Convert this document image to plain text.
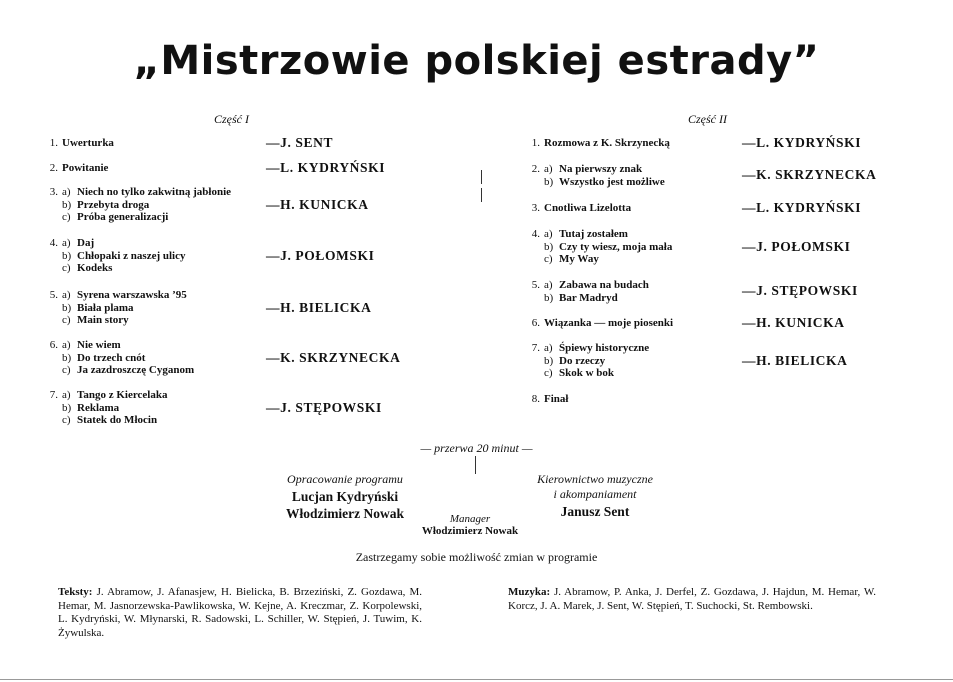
„Mistrzowie polskiej estrady”
Część I	Część II
1. Uwerturka	—J. SENT
2. Powitanie	—L. KYDRYŃSKI
3. a) Niech no tylko zakwitną jabłonie
b) Przebyta droga
c) Próba generalizacji
—H. KUNICKA
4. a) Daj
b) Chłopaki z naszej ulicy
c) Kodeks
—J. POŁOMSKI
5. a) Syrena warszawska ’95
b) Biała plama
c) Main story
—H. BIELICKA
6. a) Nie wiem
b) Do trzech cnót
c) Ja zazdroszczę Cyganom
—K. SKRZYNECKA
7. a) Tango z Kiercelaka
b) Reklama
c) Statek do Młocin
—J. STĘPOWSKI
1. Rozmowa z K. Skrzynecką	—L. KYDRYŃSKI
2. a) Na pierwszy znak
b) Wszystko jest możliwe	—K. SKRZYNECKA
3. Cnotliwa Lizelotta	—L. KYDRYŃSKI
4. a) Tutaj zostałem
b) Czy ty wiesz, moja mała
c) My Way
—J. POŁOMSKI
5. a) Zabawa na budach
b) Bar Madryd	—J. STĘPOWSKI
6. Wiązanka — moje piosenki	—H. KUNICKA
7. a) Śpiewy historyczne
b) Do rzeczy
c) Skok w bok
—H. BIELICKA
8. Finał
— przerwa 20 minut —
Opracowanie programu
Lucjan Kydryński
Włodzimierz Nowak
Kierownictwo muzyczne
i akompaniament
Janusz Sent
Manager
Włodzimierz Nowak
Zastrzegamy sobie możliwość zmian w programie
Teksty: J. Abramow, J. Afanasjew, H. Bielicka, B. Brzeziński, Z. Gozdawa, M. Hemar, M. Jasnorzewska-Pawlikowska, W. Kejne, A. Kreczmar, Z. Korpolewski, L. Kydryński, W. Młynarski, R. Sadowski, L. Schiller, W. Stępień, J. Tuwim, K. Żywulska.
Muzyka: J. Abramow, P. Anka, J. Derfel, Z. Gozdawa, J. Hajdun, M. Hemar, W. Korcz, J. A. Marek, J. Sent, W. Stępień, T. Suchocki, St. Rembowski.
